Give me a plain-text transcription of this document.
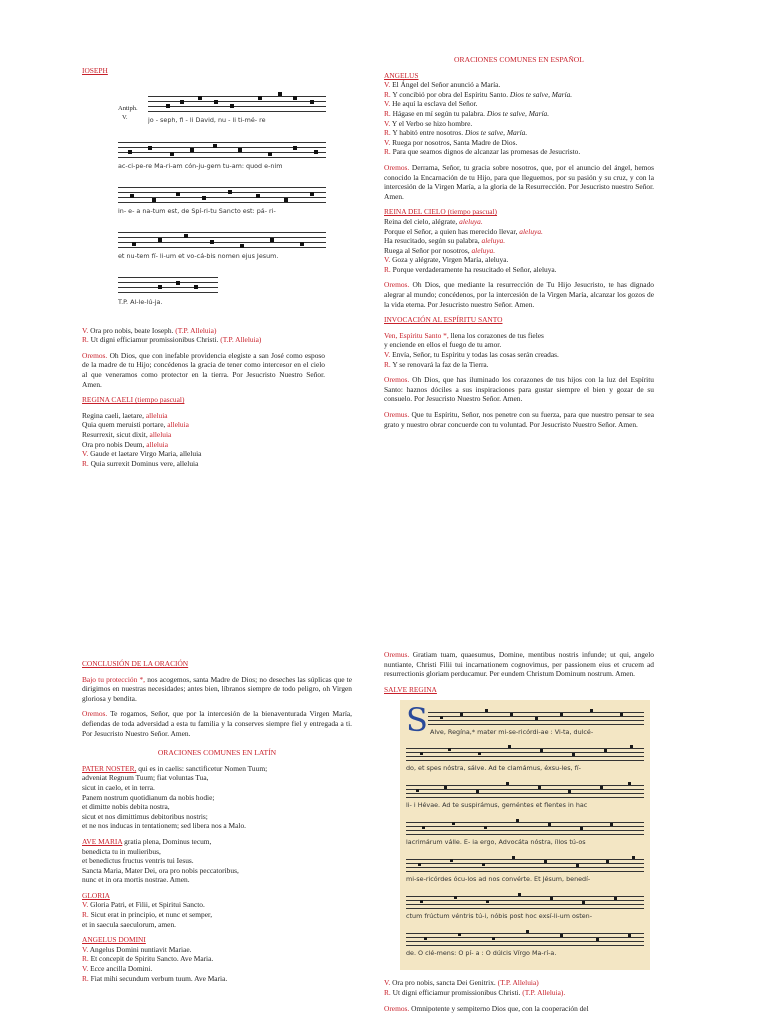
IOSEPH
Antiph.
V.	jo - seph, fi - li David, nu - li ti-mé- re
ac-ci-pe-re Ma-ri-am cón-ju-gem tu-am: quod e-nim
in- e- a na-tum est, de Spí-ri-tu Sancto est: pá- ri-
et nu-tem fí- li-um et vo-cá-bis nomen ejus Jesum.
T.P. Al-le-lú-ja.
V. Ora pro nobis, beate Ioseph. (T.P. Alleluia)
R. Ut digni efficiamur promissionibus Christi. (T.P. Alleluia)
Oremos. Oh Dios, que con inefable providencia elegiste a san José como esposo de la madre de tu Hijo; concédenos la gracia de tener como intercesor en el cielo al que veneramos como protector en la tierra. Por Jesucristo Nuestro Señor. Amen.
REGINA CAELI (tiempo pascual)
Regina caeli, laetare, alleluia
Quia quem meruisti portare, alleluia
Resurrexit, sicut dixit, alleluia
Ora pro nobis Deum, alleluia
V. Gaude et laetare Virgo Maria, alleluia
R. Quia surrexit Dominus vere, alleluia
ORACIONES COMUNES EN ESPAÑOL
ANGELUS
V. El Ángel del Señor anunció a María.
R. Y concibió por obra del Espíritu Santo. Dios te salve, María.
V. He aquí la esclava del Señor.
R. Hágase en mí según tu palabra. Dios te salve, María.
V. Y el Verbo se hizo hombre.
R. Y habitó entre nosotros. Dios te salve, María.
V. Ruega por nosotros, Santa Madre de Dios.
R. Para que seamos dignos de alcanzar las promesas de Jesucristo.
Oremos. Derrama, Señor, tu gracia sobre nosotros, que, por el anuncio del ángel, hemos conocido la Encarnación de tu Hijo, para que lleguemos, por su pasión y su cruz, y con la intercesión de la Virgen María, a la gloria de la Resurrección. Por Jesucristo nuestro Señor. Amen.
REINA DEL CIELO (tiempo pascual)
Reina del cielo, alégrate, aleluya.
Porque el Señor, a quien has merecido llevar, aleluya.
Ha resucitado, según su palabra, aleluya.
Ruega al Señor por nosotros, aleluya.
V. Goza y alégrate, Virgen María, aleluya.
R. Porque verdaderamente ha resucitado el Señor, aleluya.
Oremos. Oh Dios, que mediante la resurrección de Tu Hijo Jesucristo, te has dignado alegrar al mundo; concédenos, por la intercesión de la Virgen María, alcanzar los gozos de la vida eterna. Por Jesucristo nuestro Señor. Amen.
INVOCACIÓN AL ESPÍRITU SANTO
Ven, Espíritu Santo *, llena los corazones de tus fieles
y enciende en ellos el fuego de tu amor.
V. Envía, Señor, tu Espíritu y todas las cosas serán creadas.
R. Y se renovará la faz de la Tierra.
Oremos. Oh Dios, que has iluminado los corazones de tus hijos con la luz del Espíritu Santo: haznos dóciles a sus inspiraciones para gustar siempre el bien y gozar de su consuelo. Por Jesucristo Nuestro Señor. Amen.
Oremus. Que tu Espíritu, Señor, nos penetre con su fuerza, para que nuestro pensar te sea grato y nuestro obrar concuerde con tu voluntad. Por Jesucristo Nuestro Señor. Amen.
CONCLUSIÓN DE LA ORACIÓN
Bajo tu protección *, nos acogemos, santa Madre de Dios; no deseches las súplicas que te dirigimos en nuestras necesidades; antes bien, líbranos siempre de todo peligro, oh Virgen gloriosa y bendita.
Oremos. Te rogamos, Señor, que por la intercesión de la bienaventurada Virgen María, defiendas de toda adversidad a esta tu familia y la conserves siempre fiel y entregada a ti. Por Jesucristo Nuestro Señor. Amen.
ORACIONES COMUNES EN LATÍN
PATER NOSTER, qui es in caelis: sanctificetur Nomen Tuum;
adveniat Regnum Tuum; fiat voluntas Tua,
sicut in caelo, et in terra.
Panem nostrum quotidianum da nobis hodie;
et dimitte nobis debita nostra,
sicut et nos dimittimus debitoribus nostris;
et ne nos inducas in tentationem; sed libera nos a Malo.
AVE MARIA gratia plena, Dominus tecum,
benedicta tu in mulieribus,
et benedictus fructus ventris tui Iesus.
Sancta Maria, Mater Dei, ora pro nobis peccatoribus,
nunc et in ora mortis nostrae. Amen.
GLORIA
V. Gloria Patri, et Filii, et Spiritui Sancto.
R. Sicut erat in principio, et nunc et semper,
et in saecula saeculorum, amen.
ANGELUS DOMINI
V. Angelus Domini nuntiavit Mariae.
R. Et concepit de Spiritu Sancto. Ave Maria.
V. Ecce ancilla Domini.
R. Fiat mihi secundum verbum tuum. Ave Maria.
Oremus. Gratiam tuam, quaesumus, Domine, mentibus nostris infunde; ut qui, angelo nuntiante, Christi Filii tui incarnationem cognovimus, per passionem eius et crucem ad resurrectionis gloriam perducamur. Per eundem Christum Dominum nostrum. Amen.
SALVE REGINA
S Alve, Regína,* mater mi-se-ricórdi-ae : Vi-ta, dulcé-
do, et spes nóstra, sálve. Ad te clamámus, éxsu-les, fí-
li- i Hévae. Ad te suspirámus, geméntes et flentes in hac
lacrimárum válle. E- ia ergo, Advocáta nóstra, íllos tú-os
mi-se-ricórdes ócu-los ad nos convérte. Et Jésum, benedí-
ctum frúctum véntris tú-i, nóbis post hoc exsí-li-um osten-
de. O clé-mens: O pí- a : O dúlcis Vírgo Ma-rí-a.
V. Ora pro nobis, sancta Dei Genitrix. (T.P. Alleluia)
R. Ut digni efficiamur promissionibus Christi. (T.P. Alleluia).
Oremos. Omnipotente y sempiterno Dios que, con la cooperación del
